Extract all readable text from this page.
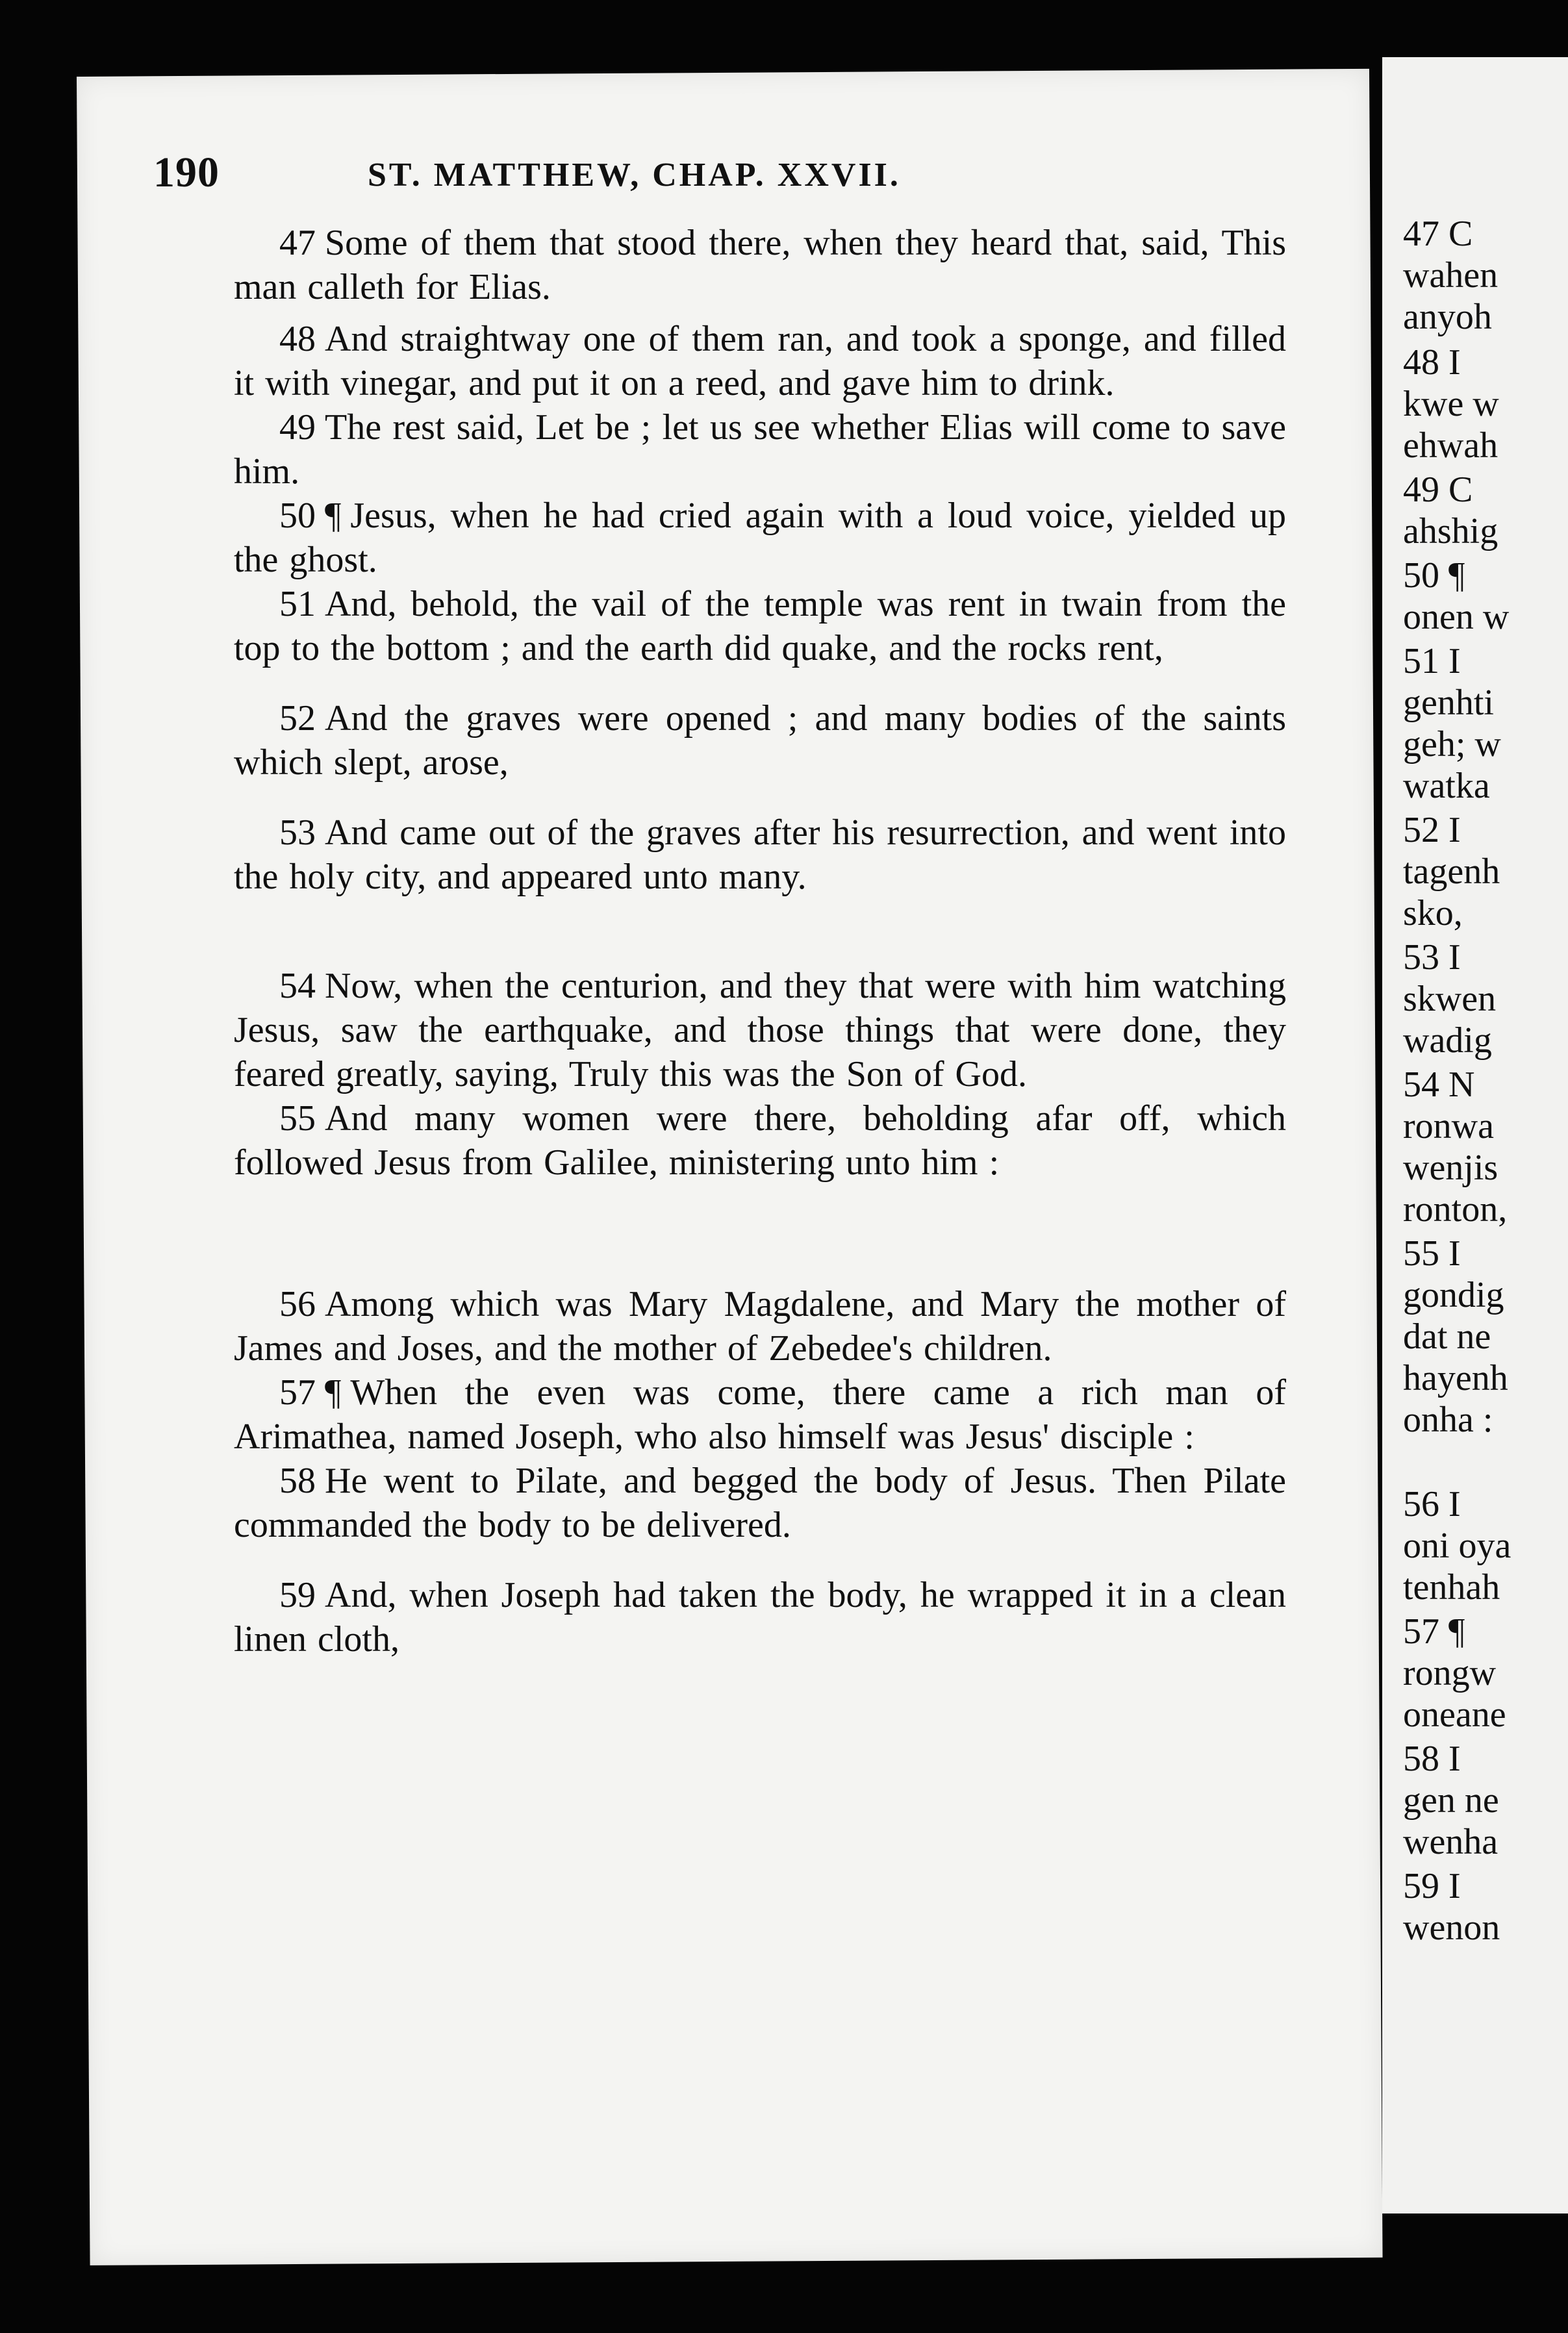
47 C
wahen
anyoh
48 I
kwe w
ehwah
49 C
ahshig
50 ¶
onen w
51 I
genhti
geh; w
watka
52 I
tagenh
sko,
53 I
skwen
wadig
54 N
ronwa
wenjis
ronton,
55 I
gondig
dat ne
hayenh
onha :
56 I
oni oya
tenhah
57 ¶
rongw
oneane
58 I
gen ne
wenha
59 I
wenon
190	ST. MATTHEW, CHAP. XXVII.

47 Some of them that stood there, when they heard that, said, This man calleth for Elias.

48 And straightway one of them ran, and took a sponge, and filled it with vinegar, and put it on a reed, and gave him to drink.

49 The rest said, Let be ; let us see whether Elias will come to save him.

50 ¶ Jesus, when he had cried again with a loud voice, yielded up the ghost.

51 And, behold, the vail of the temple was rent in twain from the top to the bottom ; and the earth did quake, and the rocks rent,

52 And the graves were opened ; and many bodies of the saints which slept, arose,

53 And came out of the graves after his resurrection, and went into the holy city, and appeared unto many.

54 Now, when the centurion, and they that were with him watching Jesus, saw the earthquake, and those things that were done, they feared greatly, saying, Truly this was the Son of God.

55 And many women were there, beholding afar off, which followed Jesus from Galilee, ministering unto him :

56 Among which was Mary Magdalene, and Mary the mother of James and Joses, and the mother of Zebedee's children.

57 ¶ When the even was come, there came a rich man of Arimathea, named Joseph, who also himself was Jesus' disciple :

58 He went to Pilate, and begged the body of Jesus. Then Pilate commanded the body to be delivered.

59 And, when Joseph had taken the body, he wrapped it in a clean linen cloth,
